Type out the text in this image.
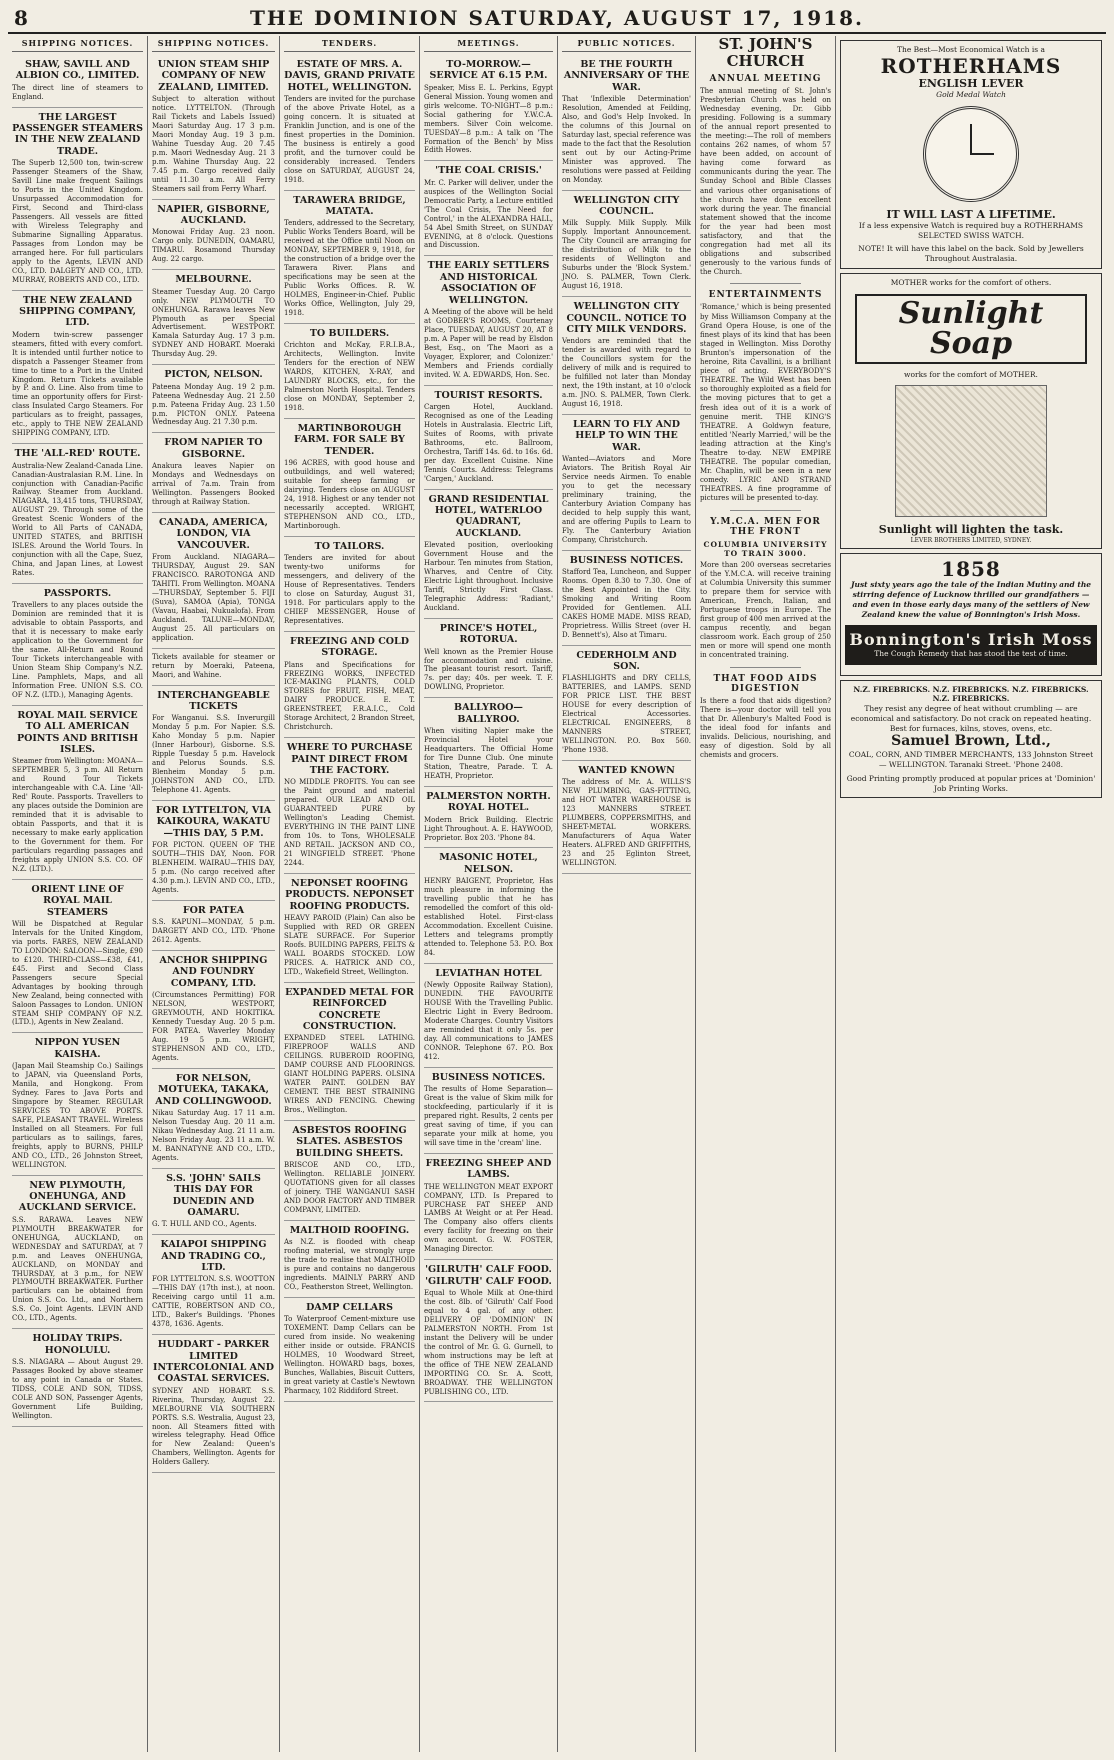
8	THE DOMINION SATURDAY, AUGUST 17, 1918.
SHIPPING NOTICES.
SHAW, SAVILL AND ALBION CO., LIMITED.
The direct line of steamers to England.
THE LARGEST PASSENGER STEAMERS IN THE NEW ZEALAND TRADE.
The Superb 12,500 ton, twin-screw Passenger Steamers of the Shaw, Savill Line make frequent Sailings to Ports in the United Kingdom. Unsurpassed Accommodation for First, Second and Third-class Passengers. All vessels are fitted with Wireless Telegraphy and Submarine Signalling Apparatus. Passages from London may be arranged here. For full particulars apply to the Agents, LEVIN AND CO., LTD. DALGETY AND CO., LTD. MURRAY, ROBERTS AND CO., LTD.
THE NEW ZEALAND SHIPPING COMPANY, LTD.
Modern twin-screw passenger steamers, fitted with every comfort. It is intended until further notice to dispatch a Passenger Steamer from time to time to a Port in the United Kingdom. Return Tickets available by P. and O. Line. Also from time to time an opportunity offers for First-class Insulated Cargo Steamers. For particulars as to freight, passages, etc., apply to THE NEW ZEALAND SHIPPING COMPANY, LTD.
THE 'ALL-RED' ROUTE.
Australia-New Zealand-Canada Line. Canadian-Australasian R.M. Line. In conjunction with Canadian-Pacific Railway. Steamer from Auckland. NIAGARA, 13,415 tons, THURSDAY, AUGUST 29. Through some of the Greatest Scenic Wonders of the World to All Parts of CANADA, UNITED STATES, and BRITISH ISLES. Around the World Tours. In conjunction with all the Cape, Suez, China, and Japan Lines, at Lowest Rates.
PASSPORTS.
Travellers to any places outside the Dominion are reminded that it is advisable to obtain Passports, and that it is necessary to make early application to the Government for the same. All-Return and Round Tour Tickets interchangeable with Union Steam Ship Company's N.Z. Line. Pamphlets, Maps, and all Information Free. UNION S.S. CO. OF N.Z. (LTD.), Managing Agents.
ROYAL MAIL SERVICE TO ALL AMERICAN POINTS AND BRITISH ISLES.
Steamer from Wellington: MOANA—SEPTEMBER 5, 3 p.m. All Return and Round Tour Tickets interchangeable with C.A. Line 'All-Red' Route. Passports. Travellers to any places outside the Dominion are reminded that it is advisable to obtain Passports, and that it is necessary to make early application to the Government for them. For particulars regarding passages and freights apply UNION S.S. CO. OF N.Z. (LTD.).
ORIENT LINE OF ROYAL MAIL STEAMERS
Will be Dispatched at Regular Intervals for the United Kingdom, via ports. FARES, NEW ZEALAND TO LONDON: SALOON—Single, £90 to £120. THIRD-CLASS—£38, £41, £45. First and Second Class Passengers secure Special Advantages by booking through New Zealand, being connected with Saloon Passages to London. UNION STEAM SHIP COMPANY OF N.Z. (LTD.), Agents in New Zealand.
NIPPON YUSEN KAISHA.
(Japan Mail Steamship Co.) Sailings to JAPAN, via Queensland Ports, Manila, and Hongkong. From Sydney. Fares to Java Ports and Singapore by Steamer. REGULAR SERVICES TO ABOVE PORTS. SAFE, PLEASANT TRAVEL. Wireless Installed on all Steamers. For full particulars as to sailings, fares, freights, apply to BURNS, PHILP AND CO., LTD., 26 Johnston Street, WELLINGTON.
NEW PLYMOUTH, ONEHUNGA, AND AUCKLAND SERVICE.
S.S. RARAWA. Leaves NEW PLYMOUTH BREAKWATER for ONEHUNGA, AUCKLAND, on WEDNESDAY and SATURDAY, at 7 p.m. and Leaves ONEHUNGA, AUCKLAND, on MONDAY and THURSDAY, at 3 p.m., for NEW PLYMOUTH BREAKWATER. Further particulars can be obtained from Union S.S. Co. Ltd., and Northern S.S. Co. Joint Agents. LEVIN AND CO., LTD., Agents.
HOLIDAY TRIPS. HONOLULU.
S.S. NIAGARA — About August 29. Passages Booked by above steamer to any point in Canada or States. TIDSS, COLE AND SON, TIDSS, COLE AND SON, Passenger Agents, Government Life Building, Wellington.
SHIPPING NOTICES.
UNION STEAM SHIP COMPANY OF NEW ZEALAND, LIMITED.
Subject to alteration without notice. LYTTELTON. (Through Rail Tickets and Labels Issued) Maori Saturday Aug. 17 3 p.m. Maori Monday Aug. 19 3 p.m. Wahine Tuesday Aug. 20 7.45 p.m. Maori Wednesday Aug. 21 3 p.m. Wahine Thursday Aug. 22 7.45 p.m. Cargo received daily until 11.30 a.m. All Ferry Steamers sail from Ferry Wharf.
NAPIER, GISBORNE, AUCKLAND.
Monowai Friday Aug. 23 noon. Cargo only. DUNEDIN, OAMARU, TIMARU. Rosamond Thursday Aug. 22 cargo.
MELBOURNE.
Steamer Tuesday Aug. 20 Cargo only. NEW PLYMOUTH TO ONEHUNGA. Rarawa leaves New Plymouth as per Special Advertisement. WESTPORT. Kamala Saturday Aug. 17 3 p.m. SYDNEY AND HOBART. Moeraki Thursday Aug. 29.
PICTON, NELSON.
Pateena Monday Aug. 19 2 p.m. Pateena Wednesday Aug. 21 2.50 p.m. Pateena Friday Aug. 23 1.50 p.m. PICTON ONLY. Pateena Wednesday Aug. 21 7.30 p.m.
FROM NAPIER TO GISBORNE.
Anakura leaves Napier on Mondays and Wednesdays on arrival of 7a.m. Train from Wellington. Passengers Booked through at Railway Station.
CANADA, AMERICA, LONDON, VIA VANCOUVER.
From Auckland. NIAGARA—THURSDAY, August 29. SAN FRANCISCO. RAROTONGA AND TAHITI. From Wellington. MOANA—THURSDAY, September 5. FIJI (Suva), SAMOA (Apia), TONGA (Vavau, Haabai, Nukualofa). From Auckland. TALUNE—MONDAY, August 25. All particulars on application.
Tickets available for steamer or return by Moeraki, Pateena, Maori, and Wahine.
INTERCHANGEABLE TICKETS
For Wanganui. S.S. Inverurgill Monday 5 p.m. For Napier. S.S. Kaho Monday 5 p.m. Napier (Inner Harbour), Gisborne. S.S. Ripple Tuesday 5 p.m. Havelock and Pelorus Sounds. S.S. Blenheim Monday 5 p.m. JOHNSTON AND CO., LTD. Telephone 41. Agents.
FOR LYTTELTON, VIA KAIKOURA, WAKATU—THIS DAY, 5 P.M.
FOR PICTON. QUEEN OF THE SOUTH—THIS DAY, Noon. FOR BLENHEIM. WAIRAU—THIS DAY, 5 p.m. (No cargo received after 4.30 p.m.). LEVIN AND CO., LTD., Agents.
FOR PATEA
S.S. KAPUNI—MONDAY, 5 p.m. DARGETY AND CO., LTD. 'Phone 2612. Agents.
ANCHOR SHIPPING AND FOUNDRY COMPANY, LTD.
(Circumstances Permitting) FOR NELSON, WESTPORT, GREYMOUTH, AND HOKITIKA. Kennedy Tuesday Aug. 20 5 p.m. FOR PATEA. Waverley Monday Aug. 19 5 p.m. WRIGHT, STEPHENSON AND CO., LTD., Agents.
FOR NELSON, MOTUEKA, TAKAKA, AND COLLINGWOOD.
Nikau Saturday Aug. 17 11 a.m. Nelson Tuesday Aug. 20 11 a.m. Nikau Wednesday Aug. 21 11 a.m. Nelson Friday Aug. 23 11 a.m. W. M. BANNATYNE AND CO., LTD., Agents.
S.S. 'JOHN' SAILS THIS DAY FOR DUNEDIN AND OAMARU.
G. T. HULL AND CO., Agents.
KAIAPOI SHIPPING AND TRADING CO., LTD.
FOR LYTTELTON. S.S. WOOTTON—THIS DAY (17th inst.), at noon. Receiving cargo until 11 a.m. CATTIE, ROBERTSON AND CO., LTD., Baker's Buildings. 'Phones 4378, 1636. Agents.
HUDDART - PARKER LIMITED INTERCOLONIAL AND COASTAL SERVICES.
SYDNEY AND HOBART. S.S. Riverina, Thursday, August 22. MELBOURNE VIA SOUTHERN PORTS. S.S. Westralia, August 23, noon. All Steamers fitted with wireless telegraphy. Head Office for New Zealand: Queen's Chambers, Wellington. Agents for Holders Gallery.
TENDERS.
ESTATE OF MRS. A. DAVIS, GRAND PRIVATE HOTEL, WELLINGTON.
Tenders are invited for the purchase of the above Private Hotel, as a going concern. It is situated at Franklin Junction, and is one of the finest properties in the Dominion. The business is entirely a good profit, and the turnover could be considerably increased. Tenders close on SATURDAY, AUGUST 24, 1918.
TARAWERA BRIDGE, MATATA.
Tenders, addressed to the Secretary, Public Works Tenders Board, will be received at the Office until Noon on MONDAY, SEPTEMBER 9, 1918, for the construction of a bridge over the Tarawera River. Plans and specifications may be seen at the Public Works Offices. R. W. HOLMES, Engineer-in-Chief. Public Works Office, Wellington, July 29, 1918.
TO BUILDERS.
Crichton and McKay, F.R.I.B.A., Architects, Wellington. Invite Tenders for the erection of NEW WARDS, KITCHEN, X-RAY, and LAUNDRY BLOCKS, etc., for the Palmerston North Hospital. Tenders close on MONDAY, September 2, 1918.
MARTINBOROUGH FARM. FOR SALE BY TENDER.
196 ACRES, with good house and outbuildings, and well watered; suitable for sheep farming or dairying. Tenders close on AUGUST 24, 1918. Highest or any tender not necessarily accepted. WRIGHT, STEPHENSON AND CO., LTD., Martinborough.
TO TAILORS.
Tenders are invited for about twenty-two uniforms for messengers, and delivery of the House of Representatives. Tenders to close on Saturday, August 31, 1918. For particulars apply to the CHIEF MESSENGER, House of Representatives.
FREEZING AND COLD STORAGE.
Plans and Specifications for FREEZING WORKS, INFECTED ICE-MAKING PLANTS, COLD STORES for FRUIT, FISH, MEAT, DAIRY PRODUCE. E. T. GREENSTREET, F.R.A.I.C., Cold Storage Architect, 2 Brandon Street, Christchurch.
WHERE TO PURCHASE PAINT DIRECT FROM THE FACTORY.
NO MIDDLE PROFITS. You can see the Paint ground and material prepared. OUR LEAD AND OIL GUARANTEED PURE by Wellington's Leading Chemist. EVERYTHING IN THE PAINT LINE from 10s. to Tons, WHOLESALE AND RETAIL. JACKSON AND CO., 21 WINGFIELD STREET. 'Phone 2244.
NEPONSET ROOFING PRODUCTS. NEPONSET ROOFING PRODUCTS.
HEAVY PAROID (Plain) Can also be Supplied with RED OR GREEN SLATE SURFACE. For Superior Roofs. BUILDING PAPERS, FELTS & WALL BOARDS STOCKED. LOW PRICES. A. HATRICK AND CO., LTD., Wakefield Street, Wellington.
EXPANDED METAL FOR REINFORCED CONCRETE CONSTRUCTION.
EXPANDED STEEL LATHING. FIREPROOF WALLS AND CEILINGS. RUBEROID ROOFING, DAMP COURSE AND FLOORINGS. GIANT HOLDING PAPERS. OLSINA WATER PAINT. GOLDEN BAY CEMENT. THE BEST STRAINING WIRES AND FENCING. Chewing Bros., Wellington.
ASBESTOS ROOFING SLATES. ASBESTOS BUILDING SHEETS.
BRISCOE AND CO., LTD., Wellington. RELIABLE JOINERY. QUOTATIONS given for all classes of joinery. THE WANGANUI SASH AND DOOR FACTORY AND TIMBER COMPANY, LIMITED.
MALTHOID ROOFING.
As N.Z. is flooded with cheap roofing material, we strongly urge the trade to realise that MALTHOID is pure and contains no dangerous ingredients. MAINLY PARRY AND CO., Featherston Street, Wellington.
DAMP CELLARS
To Waterproof Cement-mixture use TOXEMENT. Damp Cellars can be cured from inside. No weakening either inside or outside. FRANCIS HOLMES, 10 Woodward Street, Wellington. HOWARD bags, boxes, Bunches, Wallabies, Biscuit Cutters, in great variety at Castle's Newtown Pharmacy, 102 Riddiford Street.
MEETINGS.
TO-MORROW.—SERVICE AT 6.15 P.M.
Speaker, Miss E. L. Perkins, Egypt General Mission. Young women and girls welcome. TO-NIGHT—8 p.m.: Social gathering for Y.W.C.A. members. Silver Coin welcome. TUESDAY—8 p.m.: A talk on 'The Formation of the Bench' by Miss Edith Howes.
'THE COAL CRISIS.'
Mr. C. Parker will deliver, under the auspices of the Wellington Social Democratic Party, a Lecture entitled 'The Coal Crisis, The Need for Control,' in the ALEXANDRA HALL, 54 Abel Smith Street, on SUNDAY EVENING, at 8 o'clock. Questions and Discussion.
THE EARLY SETTLERS AND HISTORICAL ASSOCIATION OF WELLINGTON.
A Meeting of the above will be held at GODBER'S ROOMS, Courtenay Place, TUESDAY, AUGUST 20, AT 8 p.m. A Paper will be read by Elsdon Best, Esq., on 'The Maori as a Voyager, Explorer, and Colonizer.' Members and Friends cordially invited. W. A. EDWARDS, Hon. Sec.
TOURIST RESORTS.
Cargen Hotel, Auckland. Recognised as one of the Leading Hotels in Australasia. Electric Lift, Suites of Rooms, with private Bathrooms, etc. Ballroom, Orchestra, Tariff 14s. 6d. to 16s. 6d. per day. Excellent Cuisine. Nine Tennis Courts. Address: Telegrams 'Cargen,' Auckland.
GRAND RESIDENTIAL HOTEL, WATERLOO QUADRANT, AUCKLAND.
Elevated position, overlooking Government House and the Harbour. Ten minutes from Station, Wharves, and Centre of City. Electric Light throughout. Inclusive Tariff, Strictly First Class. Telegraphic Address: 'Radiant,' Auckland.
PRINCE'S HOTEL, ROTORUA.
Well known as the Premier House for accommodation and cuisine. The pleasant tourist resort. Tariff, 7s. per day; 40s. per week. T. F. DOWLING, Proprietor.
BALLYROO—BALLYROO.
When visiting Napier make the Provincial Hotel your Headquarters. The Official Home for Tire Dunne Club. One minute Station, Theatre, Parade. T. A. HEATH, Proprietor.
PALMERSTON NORTH. ROYAL HOTEL.
Modern Brick Building. Electric Light Throughout. A. E. HAYWOOD, Proprietor. Box 203. 'Phone 84.
MASONIC HOTEL, NELSON.
HENRY BAIGENT, Proprietor, Has much pleasure in informing the travelling public that he has remodelled the comfort of this old-established Hotel. First-class Accommodation. Excellent Cuisine. Letters and telegrams promptly attended to. Telephone 53. P.O. Box 84.
LEVIATHAN HOTEL
(Newly Opposite Railway Station), DUNEDIN. THE FAVOURITE HOUSE With the Travelling Public. Electric Light in Every Bedroom. Moderate Charges. Country Visitors are reminded that it only 5s. per day. All communications to JAMES CONNOR. Telephone 67. P.O. Box 412.
BUSINESS NOTICES.
The results of Home Separation—Great is the value of Skim milk for stockfeeding, particularly if it is prepared right. Results, 2 cents per great saving of time, if you can separate your milk at home, you will save time in the 'cream' line.
FREEZING SHEEP AND LAMBS.
THE WELLINGTON MEAT EXPORT COMPANY, LTD. Is Prepared to PURCHASE FAT SHEEP AND LAMBS At Weight or at Per Head. The Company also offers clients every facility for freezing on their own account. G. W. FOSTER, Managing Director.
'GILRUTH' CALF FOOD. 'GILRUTH' CALF FOOD.
Equal to Whole Milk at One-third the cost. 8lb. of 'Gilruth' Calf Food equal to 4 gal. of any other. DELIVERY OF 'DOMINION' IN PALMERSTON NORTH. From 1st instant the Delivery will be under the control of Mr. G. G. Gurnell, to whom instructions may be left at the office of THE NEW ZEALAND IMPORTING CO. Sr. A. Scott, BROADWAY. THE WELLINGTON PUBLISHING CO., LTD.
PUBLIC NOTICES.
BE THE FOURTH ANNIVERSARY OF THE WAR.
That 'Inflexible Determination' Resolution, Amended at Feilding, Also, and God's Help Invoked. In the columns of this Journal on Saturday last, special reference was made to the fact that the Resolution sent out by our Acting-Prime Minister was approved. The resolutions were passed at Feilding on Monday.
WELLINGTON CITY COUNCIL.
Milk Supply. Milk Supply. Milk Supply. Important Announcement. The City Council are arranging for the distribution of Milk to the residents of Wellington and Suburbs under the 'Block System.' JNO. S. PALMER, Town Clerk. August 16, 1918.
WELLINGTON CITY COUNCIL. NOTICE TO CITY MILK VENDORS.
Vendors are reminded that the tender is awarded with regard to the Councillors system for the delivery of milk and is required to be fulfilled not later than Monday next, the 19th instant, at 10 o'clock a.m. JNO. S. PALMER, Town Clerk. August 16, 1918.
LEARN TO FLY AND HELP TO WIN THE WAR.
Wanted—Aviators and More Aviators. The British Royal Air Service needs Airmen. To enable you to get the necessary preliminary training, the Canterbury Aviation Company has decided to help supply this want, and are offering Pupils to Learn to Fly. The Canterbury Aviation Company, Christchurch.
BUSINESS NOTICES.
Stafford Tea, Luncheon, and Supper Rooms. Open 8.30 to 7.30. One of the Best Appointed in the City. Smoking and Writing Room Provided for Gentlemen. ALL CAKES HOME MADE. MISS READ, Proprietress. Willis Street (over H. D. Bennett's), Also at Timaru.
CEDERHOLM AND SON.
FLASHLIGHTS and DRY CELLS, BATTERIES, and LAMPS. SEND FOR PRICE LIST. THE BEST HOUSE for every description of Electrical Accessories. ELECTRICAL ENGINEERS, 8 MANNERS STREET, WELLINGTON. P.O. Box 560. 'Phone 1938.
WANTED KNOWN
The address of Mr. A. WILLS'S NEW PLUMBING, GAS-FITTING, and HOT WATER WAREHOUSE is 123 MANNERS STREET. PLUMBERS, COPPERSMITHS, and SHEET-METAL WORKERS. Manufacturers of Aqua Water Heaters. ALFRED AND GRIFFITHS, 23 and 25 Eglinton Street, WELLINGTON.
ST. JOHN'S CHURCH
ANNUAL MEETING
The annual meeting of St. John's Presbyterian Church was held on Wednesday evening, Dr. Gibb presiding. Following is a summary of the annual report presented to the meeting:—The roll of members contains 262 names, of whom 57 have been added, on account of having come forward as communicants during the year. The Sunday School and Bible Classes and various other organisations of the church have done excellent work during the year. The financial statement showed that the income for the year had been most satisfactory, and that the congregation had met all its obligations and subscribed generously to the various funds of the Church.
ENTERTAINMENTS
'Romance,' which is being presented by Miss Williamson Company at the Grand Opera House, is one of the finest plays of its kind that has been staged in Wellington. Miss Dorothy Brunton's impersonation of the heroine, Rita Cavallini, is a brilliant piece of acting. EVERYBODY'S THEATRE. The Wild West has been so thoroughly exploited as a field for the moving pictures that to get a fresh idea out of it is a work of genuine merit. THE KING'S THEATRE. A Goldwyn feature, entitled 'Nearly Married,' will be the leading attraction at the King's Theatre to-day. NEW EMPIRE THEATRE. The popular comedian, Mr. Chaplin, will be seen in a new comedy. LYRIC AND STRAND THEATRES. A fine programme of pictures will be presented to-day.
Y.M.C.A. MEN FOR THE FRONT
COLUMBIA UNIVERSITY TO TRAIN 3000.
More than 200 overseas secretaries of the Y.M.C.A. will receive training at Columbia University this summer to prepare them for service with American, French, Italian, and Portuguese troops in Europe. The first group of 400 men arrived at the campus recently, and began classroom work. Each group of 250 men or more will spend one month in concentrated training.
THAT FOOD AIDS DIGESTION
Is there a food that aids digestion? There is—your doctor will tell you that Dr. Allenbury's Malted Food is the ideal food for infants and invalids. Delicious, nourishing, and easy of digestion. Sold by all chemists and grocers.
The Best—Most Economical Watch is a
ROTHERHAMS
ENGLISH LEVER
Gold Medal Watch
IT WILL LAST A LIFETIME.
If a less expensive Watch is required buy a ROTHERHAMS SELECTED SWISS WATCH.
NOTE! It will have this label on the back. Sold by Jewellers Throughout Australasia.
MOTHER works for the comfort of others.
Sunlight Soap
works for the comfort of MOTHER.
Sunlight will lighten the task.
LEVER BROTHERS LIMITED, SYDNEY.
1858
Just sixty years ago the tale of the Indian Mutiny and the stirring defence of Lucknow thrilled our grandfathers — and even in those early days many of the settlers of New Zealand knew the value of Bonnington's Irish Moss.
Bonnington's Irish Moss
The Cough Remedy that has stood the test of time.
N.Z. FIREBRICKS. N.Z. FIREBRICKS. N.Z. FIREBRICKS. N.Z. FIREBRICKS.
They resist any degree of heat without crumbling — are economical and satisfactory. Do not crack on repeated heating. Best for furnaces, kilns, stoves, ovens, etc.
Samuel Brown, Ltd.,
COAL, CORN, AND TIMBER MERCHANTS, 133 Johnston Street — WELLINGTON. Taranaki Street. 'Phone 2408.
Good Printing promptly produced at popular prices at 'Dominion' Job Printing Works.
